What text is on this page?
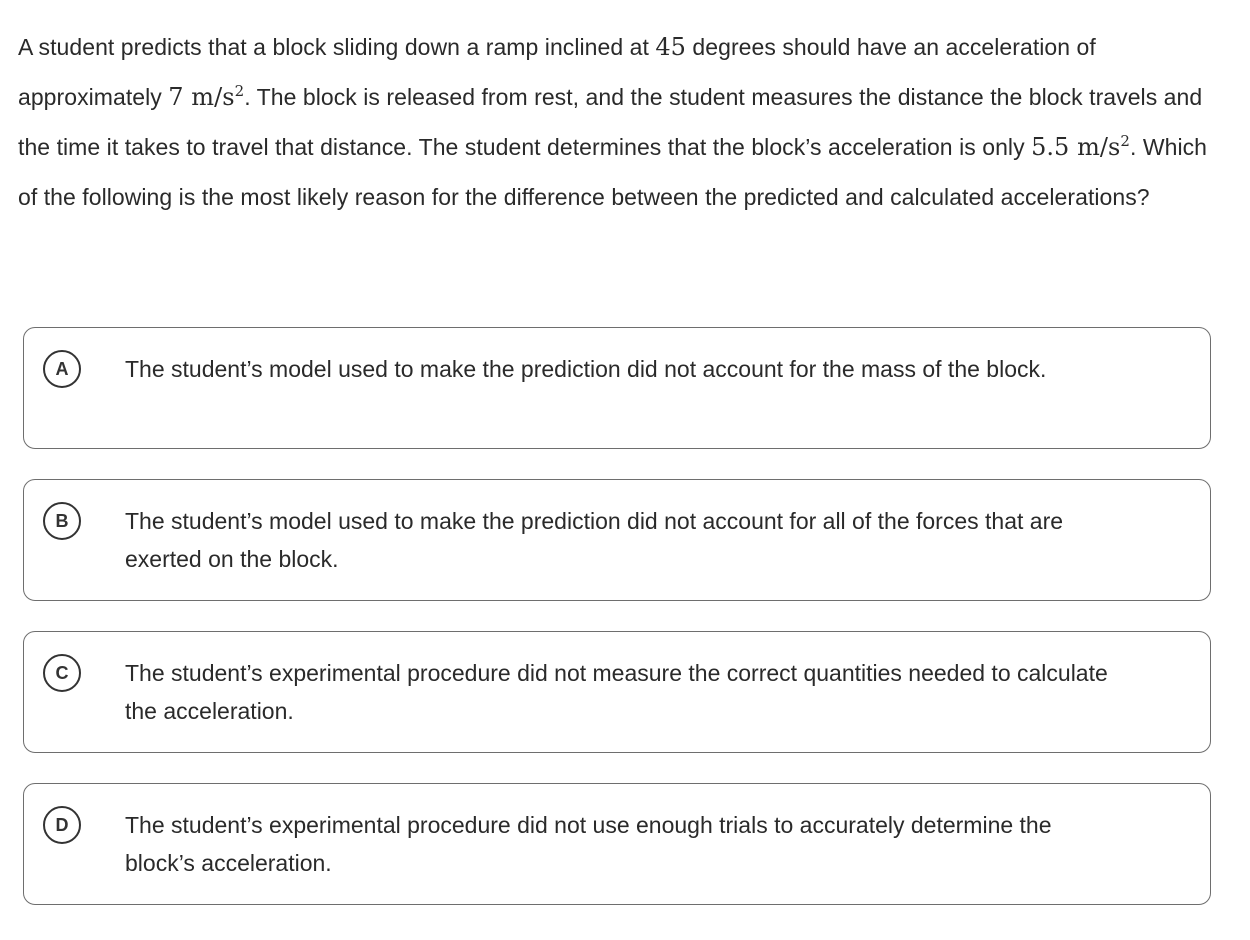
A student predicts that a block sliding down a ramp inclined at 45 degrees should have an acceleration of approximately 7 $m/s^2$. The block is released from rest, and the student measures the distance the block travels and the time it takes to travel that distance. The student determines that the block’s acceleration is only 5.5 $m/s^2$. Which of the following is the most likely reason for the difference between the predicted and calculated accelerations?
A	The student’s model used to make the prediction did not account for the mass of the block.
B	The student’s model used to make the prediction did not account for all of the forces that are exerted on the block.
C	The student’s experimental procedure did not measure the correct quantities needed to calculate the acceleration.
D	The student’s experimental procedure did not use enough trials to accurately determine the block’s acceleration.
